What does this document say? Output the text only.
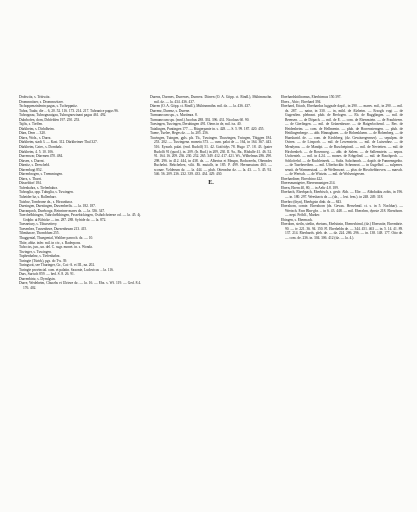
Drohwitz, s. Trittwitz.

Drommnitzer, s. Drommwitzer.

Tschoppenzinlentn pagus, s. Tscheppnitz.

Tuhra, Tuahr, die ... 6, 20. 52. 116. 173. 214. 217. Tuhranice pagus 96.

Tuhrognau, Tuhrognauigau, Tuhrognowinani pagus 461. 492.

Duhrhofen, dorn, Drhfelden 197. 250. 253.

Tajfis, s. Tieffen.

Dürkheim, s. Dirhdheim.

Dürn, Dern ... 320.

Dürrz, Wolz., s. Durrz.

Dürkheim, stadt 3. — Kast. 312. Dürkheimer Thal 327.

Dürkheim, Cater., s. Dornbalz.

Dürkheim, 4. 5. 10. 106.

Durrenwar, Dürrmen 470. 484.

Dürsen, s. Durrnt.

Dürnitz, s. Drescheld.

Dürrenbogt 852.

Dürrenbrogen, s. Tremmingen.

Dürrz, s. Tharrt.

Düsseldorf 184.

Tufenbahrz, s. Tiefenbahrz.

Tuhroglia, opp. Tuhrglia, s. Tuwingen.

Tuheider bz, s. Ballenbarr.

Tuisbrz, Tombrone dz., s. Hirsunbacz.

Duesingen, Duestingen, Duwenberlis. — la. 182. 187.

Durranpoch, Durrborgz, Reinrinre mares dz. — la. 336. 347.

Tuerchelbhingen, Tuhrchelbhingen, Pzssebickingen, Ostholchrieeze od. — la. 45. 4j. Grdphr. at Bifricke — im. 287. 288. Syfride dz. — la. 872.

Tuesnetury, s. Tihursettery.

Tuesenhez, Tussenheze, Duesenhezan 213. 415.

Tihmhacze, Thombfum 255.

Thuggental, Thuegental, Walther parroch. dz. — 10.

Thite, abbz. infer. mil. in civ., s. Raderpons.

Tuhcciss, jun., un. del. C. sugr. monet. in. s. Wonda.

Tiwinger, s. Tuwingen.

Tuphenbahrz, s. Tiefenbahrz.

Turingie (Türirk), pgs. do T-u. 39.

Turingsott, see Thuringer, Gr., Cat.-A. et III., na. 202.

Turingie provincial. com. et palatin. Saxonie, Ludovicus ... la. 116.

Durs, Surtsch 859. — bed. S. 8. 26. 91.

Durrenbirtz, s. Dyrnlgstn.

Durre, Wedeheim, Churzhs et Ulrieze dz. — la. 16. — Ebz. s. Wf. 119. — Ged. 8.4. 176. 402.

Durens, Durrnes, Durrenes, Durnerz. Dürren (O. A. Göpp. ct. Rindl.), Mühtmnschn. mil. dz. — la. 434. 436. 437.

Dürren (O. A. Göpp. ct. Rindl.), Mühtsmmthn. mil. dz. — la. 436. 437.

Durrenz, Durenz, s. Durene.

Turmunrcum sps., s. Martimra. 8.

Turmunrcum sps. (mrd.) Jacobus 288. 392. 396. 431. Nicolaus 60. 90.

Tuesingen, Tuwingen, Deruhingen 491. Otens in de, mil. iss. 40.

Tutalingen, Puntingen 177. — Bürgerpanie in. s. 428. — S. 5. 99. 187. 420. 455.

Tuene, Tuelee, Heges dz. — la. 205. 256.

Tuwingen, Tuingen, gpls. pls. Tb., Tuwingen. Thuwingen, Twingen, Thiggen 184. 253. 202. — Tuwingenz. moneta 373. — cum. palat de — 164, in 164. 367. 443. 516. Eyzurh. palat. (end. Rudolf) 51. 42. Gotfridys 78. Hugo 17. 18. 43. (pater Rudolfi 91 (quod.), in. 209. (Ir. Bud.) in 209, 230. II. 9a., Bz., Rhdulfe 41. 46. 52. 91. 164. 16. 209. 236. 230. 232. 265. 349. 412. 417. 421. Wi., Wilhelmus 286. 290. 298. 296. in 412. 444, in 438. dz. — Albertus et Mnupn, Bodwaerhs, Obensdes Ruchelni. Bekchelrez, vilit. Bi. mutallr, in 185. P. 499. Herransstum 463. — sconae. Vzlderum dz. — la. 444. — plub. Ottensdsn dz. — la. 43. — 5. 45. 92. 546. 56. 209. 236. 232. 339. 433. 434. 429. 430.

E.

Eberhardshttltramus, Eberhtrmus 150.397.

Ebers., Abiv.; Eberhard 394.

Eberhard, Ettach, Eberhardus luggzale dapif., in 290. — mares. mil., in 290. — mil. dz. 287. — natur, in 330. — in, mihl. de Alzheim. — Ersogls vogt — de Gugenfien. plebnsnt. plub. de Berfogen. — Eb. de Rugglingen. — mil. de Beensen. — de Döpach. — mil. de E. — com. de Ebennstein. — de Frauhivern. — de Gierlingen. — mil. de Grünenbezze. — de Haigerlochend. — Bec. de Heidenheim. — com. de Hellmentn. — plub. de Horrensterngen. — plub. de Hettlingenberge. — abb. Hinnaghaen. — de Hohenklaem. — de Hohenberg. — de Hunsbartd. de. — com. de Kirchberg. (dz. Gewäsergernser). — sepulpns. de Ostren. — de Lirsporb. — mil. de Lewenstein. — mil. de Luisenhez. — de Mendyma. — de Mandpt. — de Ruschetpinstl. — mil. de Nevtetten. — mil. de Hirchenheh. — de Rosenweg. — abb. de Salem. — de Sallemstein. — nepos. Uschenteh. — mil. in 4.24. — mones. de Erhgelind. — mil. de Ruschpech. — Schlofrehd. — de Ruchletneek. — Sultz. Salschmnh. — dapifr. de Fannenngetho. — de Tusebereiben. — mil. Ufterhockhr. Schennrot. — in Gugelhof. — sulpenes. sesnit. de Warmerutaal. — de Wellenwart. — plsn. de Hirschebbroven. — marsch. — de Wertsch. — de Wistzin. — mil. de Wolsenigersen.

Eberhardiner, Eberchino 422.

Eberesmantgeter, Eberesmantgen 214.

Ebern, Ebern 40, 80, ... in Aeltr 4.8. 189.

Eberbach, Eberbpach, Eberbisch, s. gesfr. Abb. — Elte. — Abbdutkiu zobis, in 196. — in. 180. 297. Weesbacts dz — (dz., ... lest. fem.). in 248. 249. 318.

Eberbro (thyn), Eberbgstn dinb. dz — 843.

Eberzhorn, comte. Eberzhorn (dz. Gewas. Hersehmtl. ct. s. in 5. Nochbar). — Wertsch. Ewn Bhn-gbr. ... in 6. 43. 448. — mil. Eberzhrn, dynste 218. Eberzhorn. — nept. Fröhlf., Marker.

Ebingen, s. Ebermack.

Eberdorn, stetln, stetlin, ebetuns, Ebelsttnin, Ebenesbirnd, (dz.) Ebersnite, Ebermbrie. 90. — iv. 221. 36. 94. 150. Fl. Eberheldn de. — 344. 451. 463 — in. 5. 14. 41. 89. 137. 214. Eberhards. pleb. de. — dz. 224. 286. 296. — in. 138. 148. 177. Otto de. — com. de. 236. in. 304. 306. 412 (dz. — la. 4.).
